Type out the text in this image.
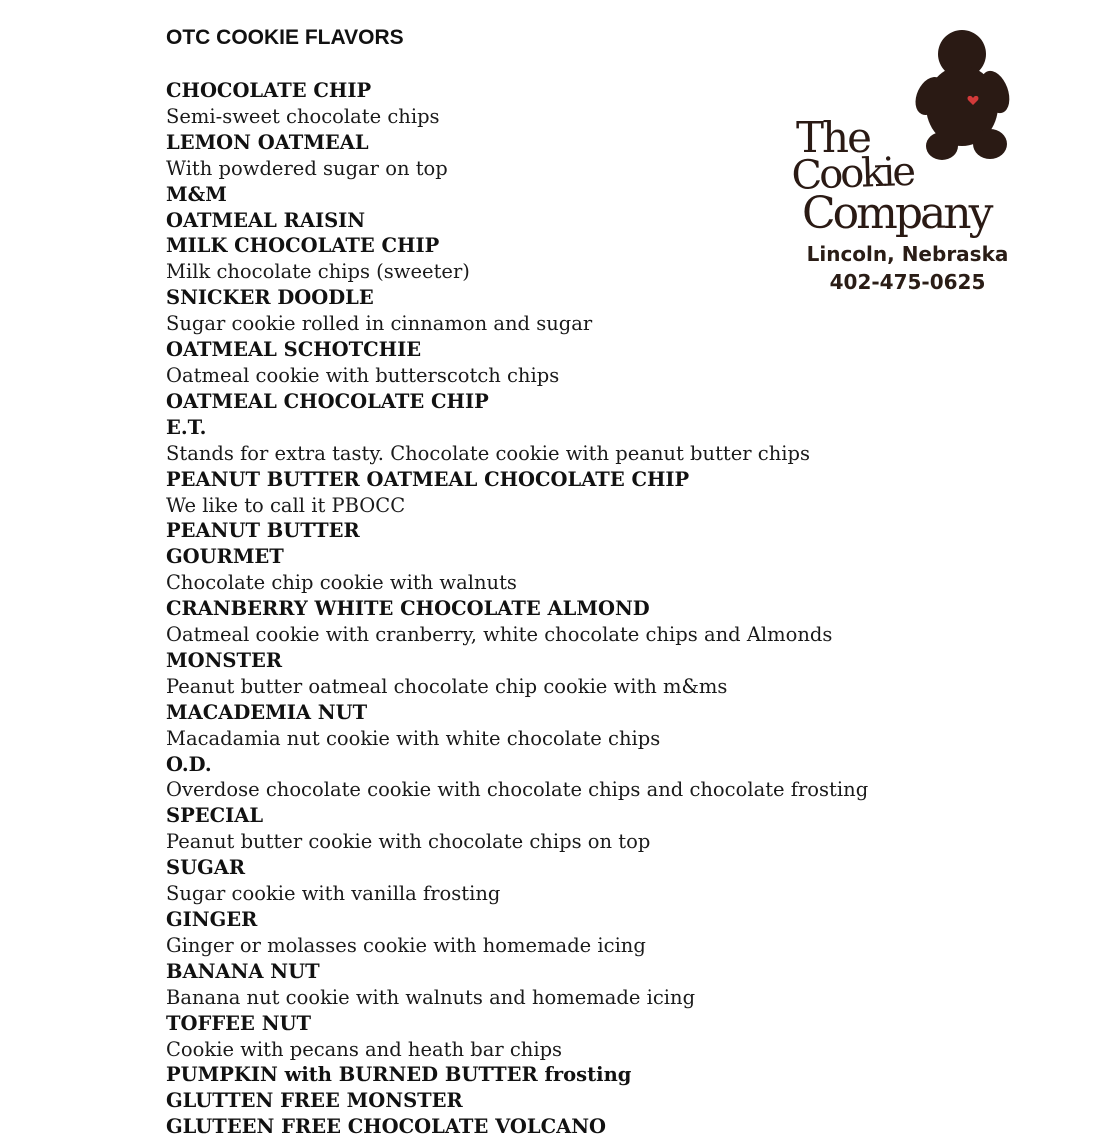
OTC COOKIE FLAVORS
CHOCOLATE CHIP
Semi-sweet chocolate chips
LEMON OATMEAL
With powdered sugar on top
M&M
OATMEAL RAISIN
MILK CHOCOLATE CHIP
Milk chocolate chips (sweeter)
SNICKER DOODLE
Sugar cookie rolled in cinnamon and sugar
OATMEAL SCHOTCHIE
Oatmeal cookie with butterscotch chips
OATMEAL CHOCOLATE CHIP
E.T.
Stands for extra tasty. Chocolate cookie with peanut butter chips
PEANUT BUTTER OATMEAL CHOCOLATE CHIP
We like to call it PBOCC
PEANUT BUTTER
GOURMET
Chocolate chip cookie with walnuts
CRANBERRY WHITE CHOCOLATE ALMOND
Oatmeal cookie with cranberry, white chocolate chips and Almonds
MONSTER
Peanut butter oatmeal chocolate chip cookie with m&ms
MACADEMIA NUT
Macadamia nut cookie with white chocolate chips
O.D.
Overdose chocolate cookie with chocolate chips and chocolate frosting
SPECIAL
Peanut butter cookie with chocolate chips on top
SUGAR
Sugar cookie with vanilla frosting
GINGER
Ginger or molasses cookie with homemade icing
BANANA NUT
Banana nut cookie with walnuts and homemade icing
TOFFEE NUT
Cookie with pecans and heath bar chips
PUMPKIN with BURNED BUTTER frosting
GLUTTEN FREE MONSTER
GLUTEEN FREE CHOCOLATE VOLCANO
The
Cookie
Company
Lincoln, Nebraska
402-475-0625
